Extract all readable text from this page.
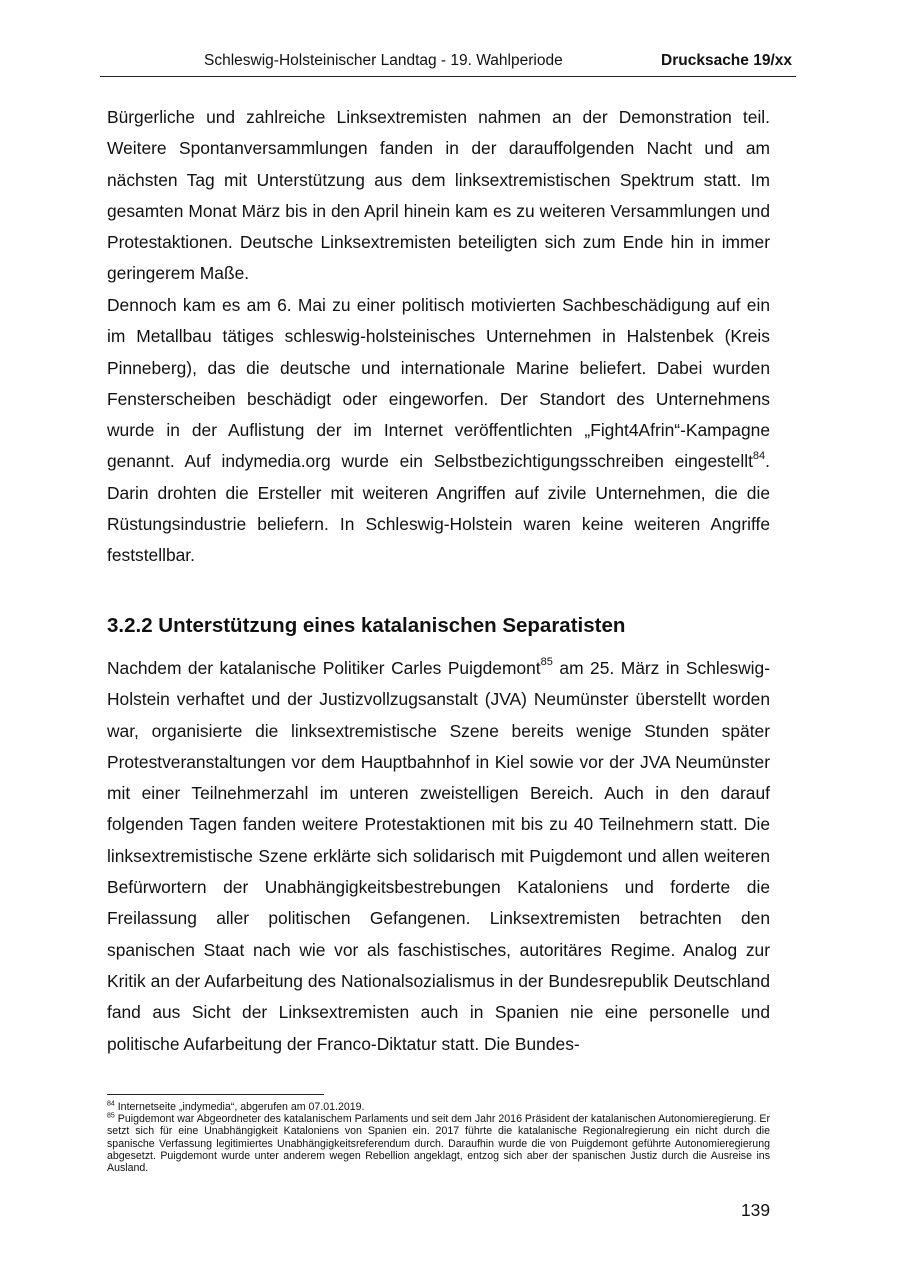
Schleswig-Holsteinischer Landtag - 19. Wahlperiode	Drucksache 19/xx

Bürgerliche und zahlreiche Linksextremisten nahmen an der Demonstration teil. Weitere Spontanversammlungen fanden in der darauffolgenden Nacht und am nächsten Tag mit Unterstützung aus dem linksextremistischen Spektrum statt. Im gesamten Monat März bis in den April hinein kam es zu weiteren Versammlungen und Protestaktionen. Deutsche Linksextremisten beteiligten sich zum Ende hin in immer geringerem Maße.

Dennoch kam es am 6. Mai zu einer politisch motivierten Sachbeschädigung auf ein im Metallbau tätiges schleswig-holsteinisches Unternehmen in Halstenbek (Kreis Pinneberg), das die deutsche und internationale Marine beliefert. Dabei wurden Fensterscheiben beschädigt oder eingeworfen. Der Standort des Unternehmens wurde in der Auflistung der im Internet veröffentlichten „Fight4Afrin“-Kampagne genannt. Auf indymedia.org wurde ein Selbstbezichtigungsschreiben eingestellt$^{84}$. Darin drohten die Ersteller mit weiteren Angriffen auf zivile Unternehmen, die die Rüstungsindustrie beliefern. In Schleswig-Holstein waren keine weiteren Angriffe feststellbar.

3.2.2 Unterstützung eines katalanischen Separatisten

Nachdem der katalanische Politiker Carles Puigdemont$^{85}$ am 25. März in Schleswig-Holstein verhaftet und der Justizvollzugsanstalt (JVA) Neumünster überstellt worden war, organisierte die linksextremistische Szene bereits wenige Stunden später Protestveranstaltungen vor dem Hauptbahnhof in Kiel sowie vor der JVA Neumünster mit einer Teilnehmerzahl im unteren zweistelligen Bereich. Auch in den darauf folgenden Tagen fanden weitere Protestaktionen mit bis zu 40 Teilnehmern statt. Die linksextremistische Szene erklärte sich solidarisch mit Puigdemont und allen weiteren Befürwortern der Unabhängigkeitsbestrebungen Kataloniens und forderte die Freilassung aller politischen Gefangenen. Linksextremisten betrachten den spanischen Staat nach wie vor als faschistisches, autoritäres Regime. Analog zur Kritik an der Aufarbeitung des Nationalsozialismus in der Bundesrepublik Deutschland fand aus Sicht der Linksextremisten auch in Spanien nie eine personelle und politische Aufarbeitung der Franco-Diktatur statt. Die Bundes-

$^{84}$ Internetseite „indymedia“, abgerufen am 07.01.2019.

$^{85}$ Puigdemont war Abgeordneter des katalanischem Parlaments und seit dem Jahr 2016 Präsident der katalanischen Autonomieregierung. Er setzt sich für eine Unabhängigkeit Kataloniens von Spanien ein. 2017 führte die katalanische Regionalregierung ein nicht durch die spanische Verfassung legitimiertes Unabhängigkeitsreferendum durch. Daraufhin wurde die von Puigdemont geführte Autonomieregierung abgesetzt. Puigdemont wurde unter anderem wegen Rebellion angeklagt, entzog sich aber der spanischen Justiz durch die Ausreise ins Ausland.

139
